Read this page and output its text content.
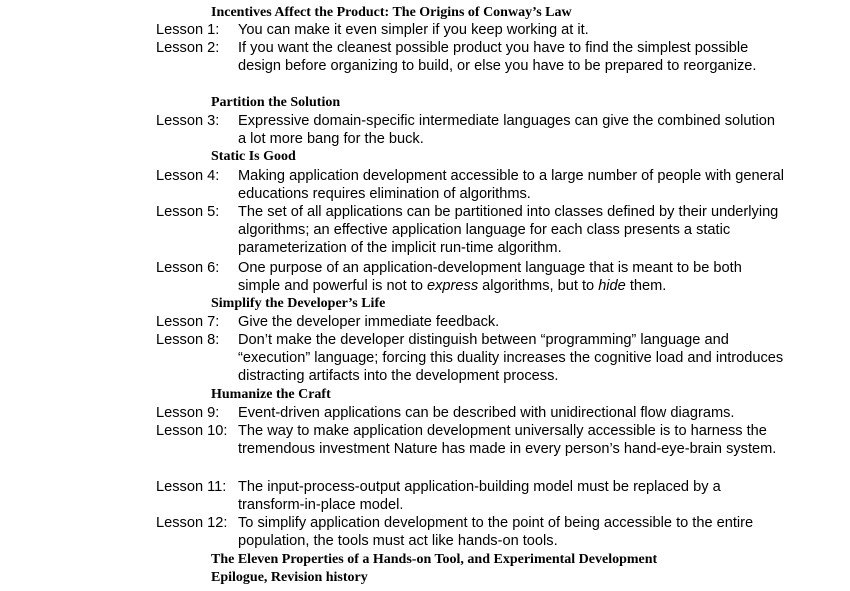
Incentives Affect the Product: The Origins of Conway’s Law
Lesson 1: You can make it even simpler if you keep working at it.
Lesson 2: If you want the cleanest possible product you have to find the simplest possible design before organizing to build, or else you have to be prepared to reorganize.
Partition the Solution
Lesson 3: Expressive domain-specific intermediate languages can give the combined solution a lot more bang for the buck.
Static Is Good
Lesson 4: Making application development accessible to a large number of people with general educations requires elimination of algorithms.
Lesson 5: The set of all applications can be partitioned into classes defined by their underlying algorithms; an effective application language for each class presents a static parameterization of the implicit run-time algorithm.
Lesson 6: One purpose of an application-development language that is meant to be both simple and powerful is not to express algorithms, but to hide them.
Simplify the Developer’s Life
Lesson 7: Give the developer immediate feedback.
Lesson 8: Don’t make the developer distinguish between “programming” language and “execution” language; forcing this duality increases the cognitive load and introduces distracting artifacts into the development process.
Humanize the Craft
Lesson 9: Event-driven applications can be described with unidirectional flow diagrams.
Lesson 10: The way to make application development universally accessible is to harness the tremendous investment Nature has made in every person’s hand-eye-brain system.
Lesson 11: The input-process-output application-building model must be replaced by a transform-in-place model.
Lesson 12: To simplify application development to the point of being accessible to the entire population, the tools must act like hands-on tools.
The Eleven Properties of a Hands-on Tool, and Experimental Development
Epilogue, Revision history
